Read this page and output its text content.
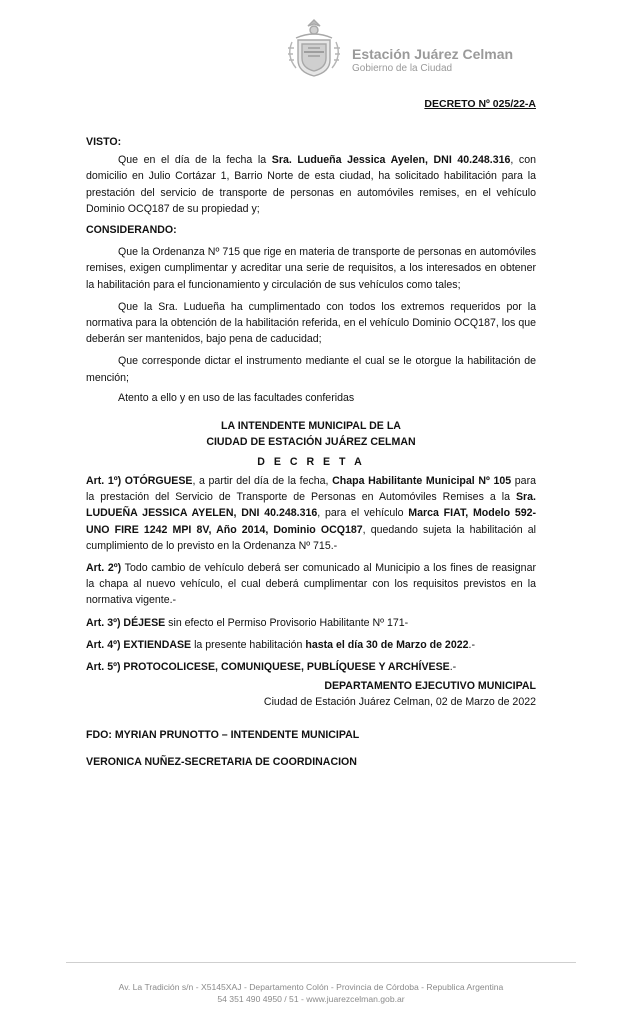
Estación Juárez Celman
Gobierno de la Ciudad
DECRETO Nº 025/22-A

VISTO:

Que en el día de la fecha la Sra. Ludueña Jessica Ayelen, DNI 40.248.316, con domicilio en Julio Cortázar 1, Barrio Norte de esta ciudad, ha solicitado habilitación para la prestación del servicio de transporte de personas en automóviles remises, en el vehículo Dominio OCQ187 de su propiedad y;

CONSIDERANDO:

Que la Ordenanza Nº 715 que rige en materia de transporte de personas en automóviles remises, exigen cumplimentar y acreditar una serie de requisitos, a los interesados en obtener la habilitación para el funcionamiento y circulación de sus vehículos como tales;

Que la Sra. Ludueña ha cumplimentado con todos los extremos requeridos por la normativa para la obtención de la habilitación referida, en el vehículo Dominio OCQ187, los que deberán ser mantenidos, bajo pena de caducidad;

Que corresponde dictar el instrumento mediante el cual se le otorgue la habilitación de mención;

Atento a ello y en uso de las facultades conferidas

LA INTENDENTE MUNICIPAL DE LA

CIUDAD DE ESTACIÓN JUÁREZ CELMAN

D E C R E T A

Art. 1º) OTÓRGUESE, a partir del día de la fecha, Chapa Habilitante Municipal Nº 105 para la prestación del Servicio de Transporte de Personas en Automóviles Remises a la Sra. LUDUEÑA JESSICA AYELEN, DNI 40.248.316, para el vehículo Marca FIAT, Modelo 592-UNO FIRE 1242 MPI 8V, Año 2014, Dominio OCQ187, quedando sujeta la habilitación al cumplimiento de lo previsto en la Ordenanza Nº 715.-

Art. 2º) Todo cambio de vehículo deberá ser comunicado al Municipio a los fines de reasignar la chapa al nuevo vehículo, el cual deberá cumplimentar con los requisitos previstos en la normativa vigente.-

Art. 3º) DÉJESE sin efecto el Permiso Provisorio Habilitante Nº 171-

Art. 4º) EXTIENDASE la presente habilitación hasta el día 30 de Marzo de 2022.-

Art. 5º) PROTOCOLICESE, COMUNIQUESE, PUBLÍQUESE Y ARCHÍVESE.-

DEPARTAMENTO EJECUTIVO MUNICIPAL
Ciudad de Estación Juárez Celman, 02 de Marzo de 2022
FDO: MYRIAN PRUNOTTO – INTENDENTE MUNICIPAL
VERONICA NUÑEZ-SECRETARIA DE COORDINACION
Av. La Tradición s/n - X5145XAJ - Departamento Colón - Provincia de Córdoba - Republica Argentina
54 351 490 4950 / 51 - www.juarezcelman.gob.ar
